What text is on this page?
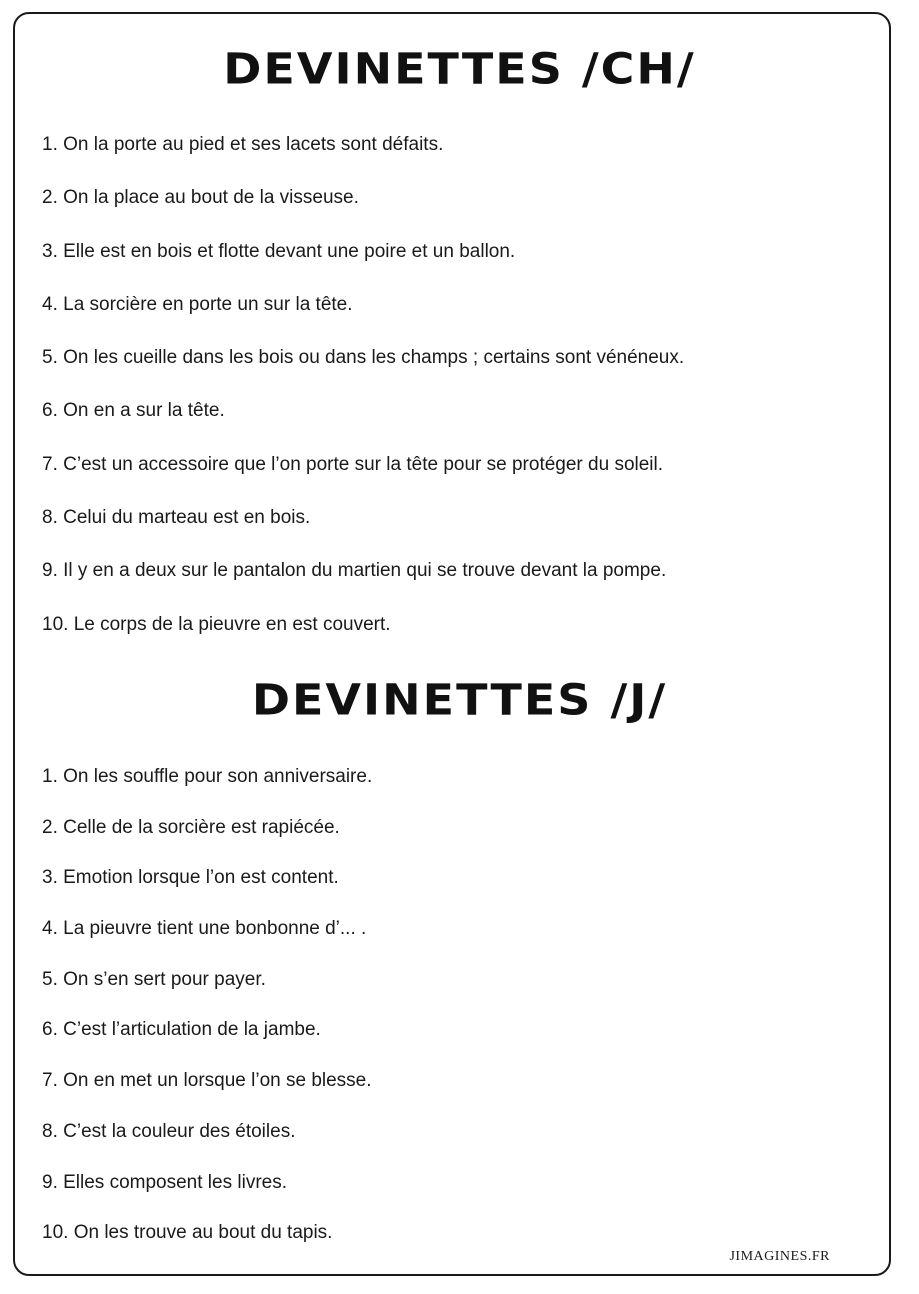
DEVINETTES /CH/
1. On la porte au pied et ses lacets sont défaits.
2. On la place au bout de la visseuse.
3. Elle est en bois et flotte devant une poire et un ballon.
4. La sorcière en porte un sur la tête.
5. On les cueille dans les bois ou dans les champs ; certains sont vénéneux.
6. On en a sur la tête.
7. C’est un accessoire que l’on porte sur la tête pour se protéger du soleil.
8. Celui du marteau est en bois.
9. Il y en a deux sur le pantalon du martien qui se trouve devant la pompe.
10. Le corps de la pieuvre en est couvert.
DEVINETTES /J/
1. On les souffle pour son anniversaire.
2. Celle de la sorcière est rapiécée.
3. Emotion lorsque l’on est content.
4. La pieuvre tient une bonbonne d’... .
5. On s’en sert pour payer.
6. C’est l’articulation de la jambe.
7. On en met un lorsque l’on se blesse.
8. C’est la couleur des étoiles.
9. Elles composent les livres.
10. On les trouve au bout du tapis.
JIMAGINES.FR
